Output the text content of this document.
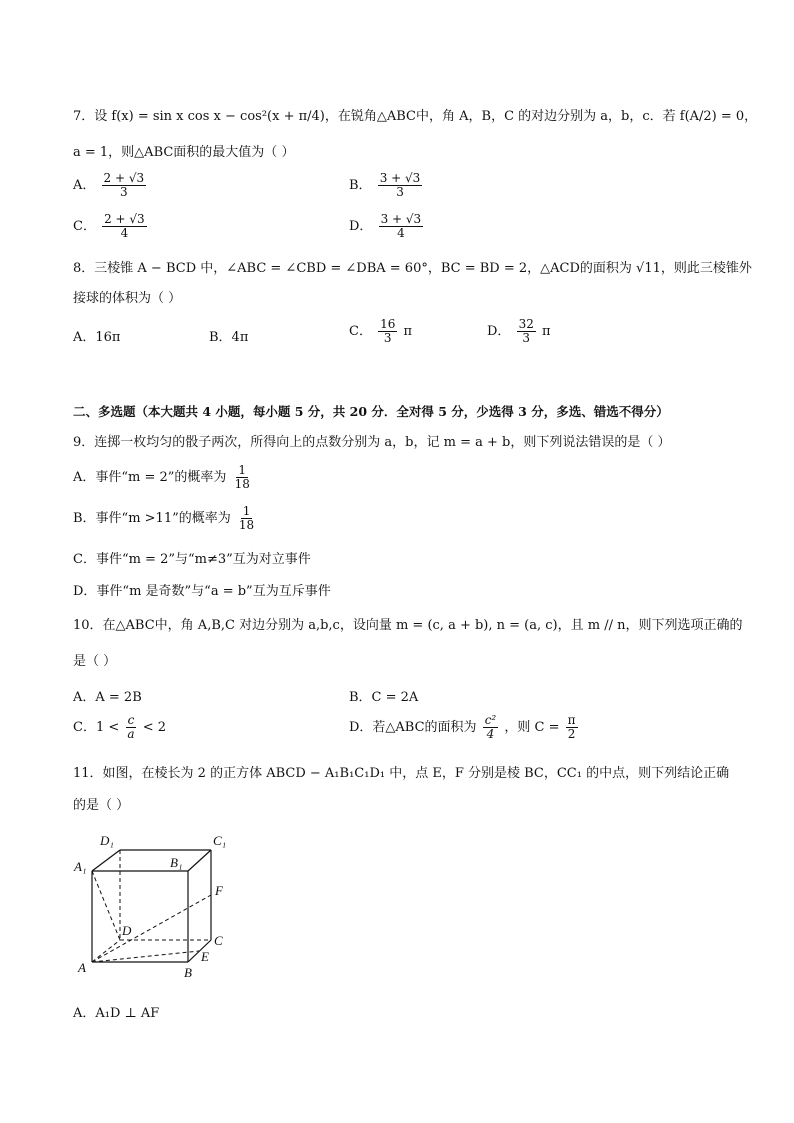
7．设 f(x) = sin x cos x − cos²(x + π/4)，在锐角△ABC中，角 A，B，C 的对边分别为 a，b，c．若 f(A/2) = 0，
a = 1，则△ABC面积的最大值为（ ）
A． $\frac{2 + √3}{3}$	B． $\frac{3 + √3}{3}$
C． $\frac{2 + √3}{4}$	D． $\frac{3 + √3}{4}$
8．三棱锥 A − BCD 中，∠ABC = ∠CBD = ∠DBA = 60°，BC = BD = 2，△ACD的面积为 √11，则此三棱锥外
接球的体积为（ ）
A．16π	B．4π	C． $\frac{16}{3}$ π	D． $\frac{32}{3}$ π
二、多选题（本大题共 4 小题，每小题 5 分，共 20 分．全对得 5 分，少选得 3 分，多选、错选不得分）
9．连掷一枚均匀的骰子两次，所得向上的点数分别为 a，b，记 m = a + b，则下列说法错误的是（ ）
A．事件“m = 2”的概率为 $\frac{1}{18}$
B．事件“m >11”的概率为 $\frac{1}{18}$
C．事件“m = 2”与“m≠3”互为对立事件
D．事件“m 是奇数”与“a = b”互为互斥事件
10．在△ABC中，角 A,B,C 对边分别为 a,b,c，设向量 m = (c, a + b), n = (a, c)，且 m // n，则下列选项正确的
是（ ）
A．A = 2B	B．C = 2A
C．$1 < \frac{c}{a} < 2$	D．若△ABC的面积为 $\frac{\text{c²}}{4}$ ，则 $C = \frac{\pi}{2}$
11．如图，在棱长为 2 的正方体 ABCD − A₁B₁C₁D₁ 中，点 E，F 分别是棱 BC，CC₁ 的中点，则下列结论正确
的是（ ）
D₁	C₁
A₁	B₁
F
D
C
E
A	B
A．A₁D ⊥ AF
